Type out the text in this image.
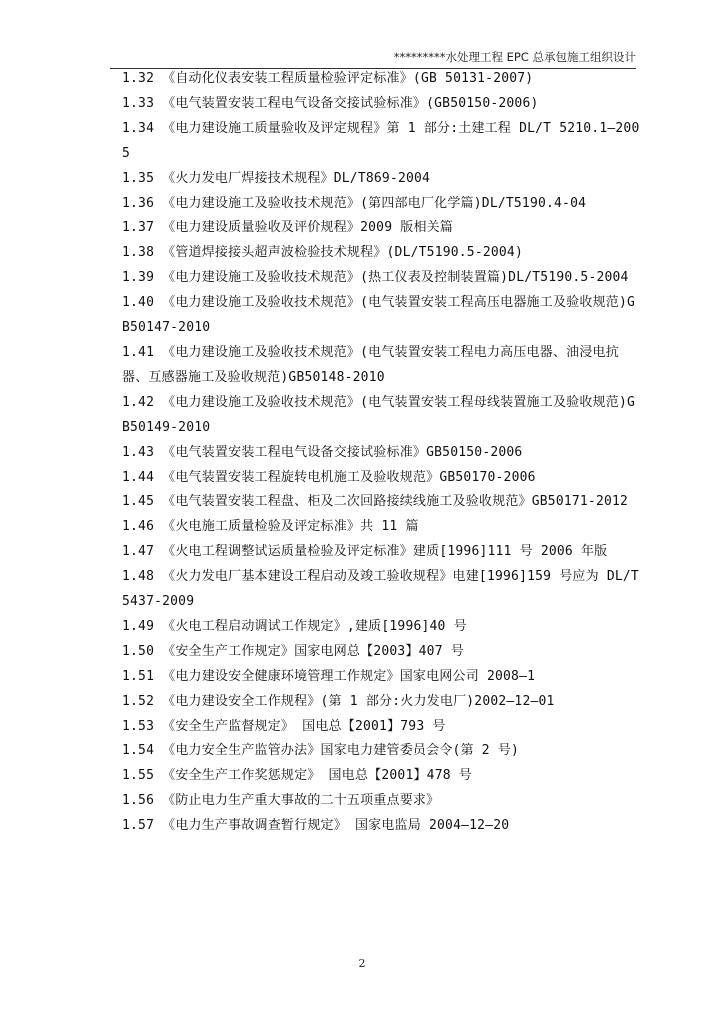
*********水处理工程 EPC 总承包施工组织设计

1.32 《自动化仪表安装工程质量检验评定标准》(GB 50131-2007)

1.33 《电气装置安装工程电气设备交接试验标准》(GB50150-2006)

1.34 《电力建设施工质量验收及评定规程》第 1 部分:土建工程 DL/T 5210.1—2005

1.35 《火力发电厂焊接技术规程》DL/T869-2004

1.36 《电力建设施工及验收技术规范》(第四部电厂化学篇)DL/T5190.4-04

1.37 《电力建设质量验收及评价规程》2009 版相关篇

1.38 《管道焊接接头超声波检验技术规程》(DL/T5190.5-2004)

1.39 《电力建设施工及验收技术规范》(热工仪表及控制装置篇)DL/T5190.5-2004

1.40 《电力建设施工及验收技术规范》(电气装置安装工程高压电器施工及验收规范)GB50147-2010

1.41 《电力建设施工及验收技术规范》(电气装置安装工程电力高压电器、油浸电抗器、互感器施工及验收规范)GB50148-2010

1.42 《电力建设施工及验收技术规范》(电气装置安装工程母线装置施工及验收规范)GB50149-2010

1.43 《电气装置安装工程电气设备交接试验标准》GB50150-2006

1.44 《电气装置安装工程旋转电机施工及验收规范》GB50170-2006

1.45 《电气装置安装工程盘、柜及二次回路接续线施工及验收规范》GB50171-2012

1.46 《火电施工质量检验及评定标准》共 11 篇

1.47 《火电工程调整试运质量检验及评定标准》建质[1996]111 号 2006 年版

1.48 《火力发电厂基本建设工程启动及竣工验收规程》电建[1996]159 号应为 DL/T5437-2009

1.49 《火电工程启动调试工作规定》,建质[1996]40 号

1.50 《安全生产工作规定》国家电网总【2003】407 号

1.51 《电力建设安全健康环境管理工作规定》国家电网公司 2008—1

1.52 《电力建设安全工作规程》(第 1 部分:火力发电厂)2002—12—01

1.53 《安全生产监督规定》 国电总【2001】793 号

1.54 《电力安全生产监管办法》国家电力建管委员会令(第 2 号)

1.55 《安全生产工作奖惩规定》 国电总【2001】478 号

1.56 《防止电力生产重大事故的二十五项重点要求》

1.57 《电力生产事故调查暂行规定》 国家电监局 2004—12—20

2
